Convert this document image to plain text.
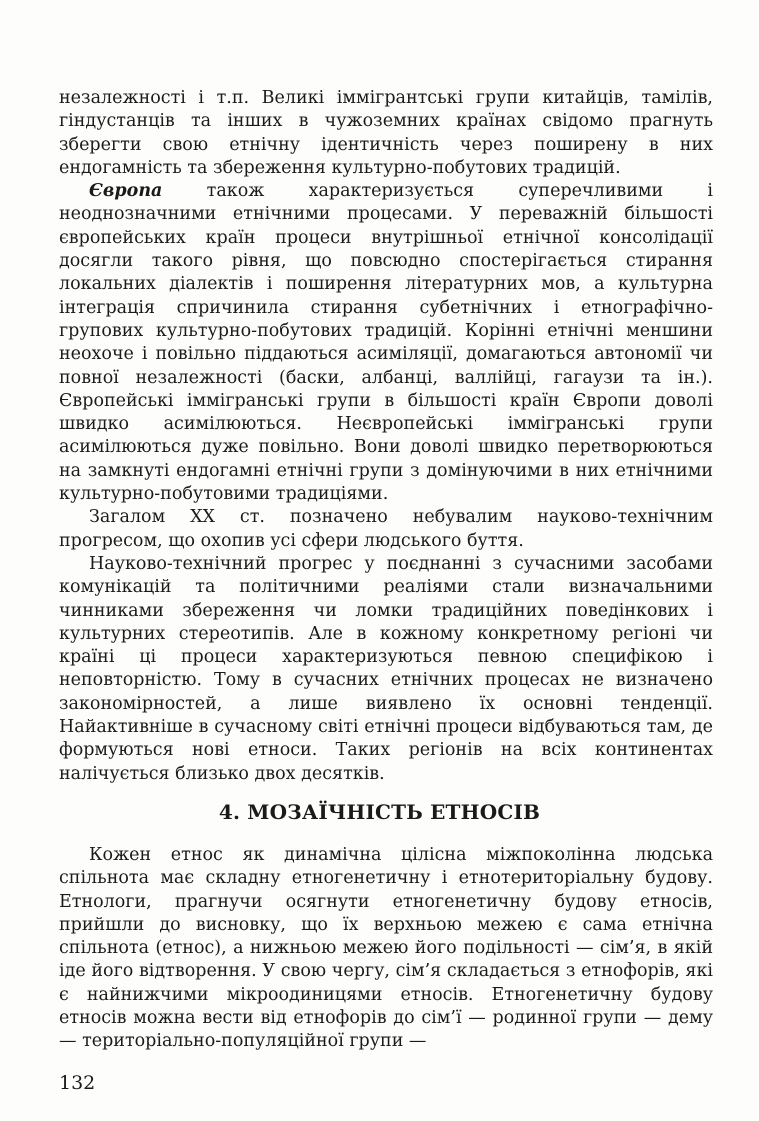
незалежності і т.п. Великі іммігрантські групи китайців, тамілів, гіндустанців та інших в чужоземних країнах свідомо прагнуть зберегти свою етнічну ідентичність через поширену в них ендогамність та збереження культурно-побутових традицій.

Європа також характеризується суперечливими і неоднозначними етнічними процесами. У переважній більшості європейських країн процеси внутрішньої етнічної консолідації досягли такого рівня, що повсюдно спостерігається стирання локальних діалектів і поширення літературних мов, а культурна інтеграція спричинила стирання субетнічних і етнографічно-групових культурно-побутових традицій. Корінні етнічні меншини неохоче і повільно піддаються асиміляції, домагаються автономії чи повної незалежності (баски, албанці, валлійці, гагаузи та ін.). Європейські іммігранські групи в більшості країн Європи доволі швидко асимілюються. Неєвропейські іммігранські групи асимілюються дуже повільно. Вони доволі швидко перетворюються на замкнуті ендогамні етнічні групи з домінуючими в них етнічними культурно-побутовими традиціями.

Загалом XX ст. позначено небувалим науково-технічним прогресом, що охопив усі сфери людського буття.

Науково-технічний прогрес у поєднанні з сучасними засобами комунікацій та політичними реаліями стали визначальними чинниками збереження чи ломки традиційних поведінкових і культурних стереотипів. Але в кожному конкретному регіоні чи країні ці процеси характеризуються певною специфікою і неповторністю. Тому в сучасних етнічних процесах не визначено закономірностей, а лише виявлено їх основні тенденції. Найактивніше в сучасному світі етнічні процеси відбуваються там, де формуються нові етноси. Таких регіонів на всіх континентах налічується близько двох десятків.

4. МОЗАЇЧНІСТЬ ЕТНОСІВ

Кожен етнос як динамічна цілісна міжпоколінна людська спільнота має складну етногенетичну і етнотериторіальну будову. Етнологи, прагнучи осягнути етногенетичну будову етносів, прийшли до висновку, що їх верхньою межею є сама етнічна спільнота (етнос), а нижньою межею його подільності — сім’я, в якій іде його відтворення. У свою чергу, сім’я складається з етнофорів, які є найнижчими мікроодиницями етносів. Етногенетичну будову етносів можна вести від етнофорів до сім’ї — родинної групи — дему — територіально-популяційної групи —

132
